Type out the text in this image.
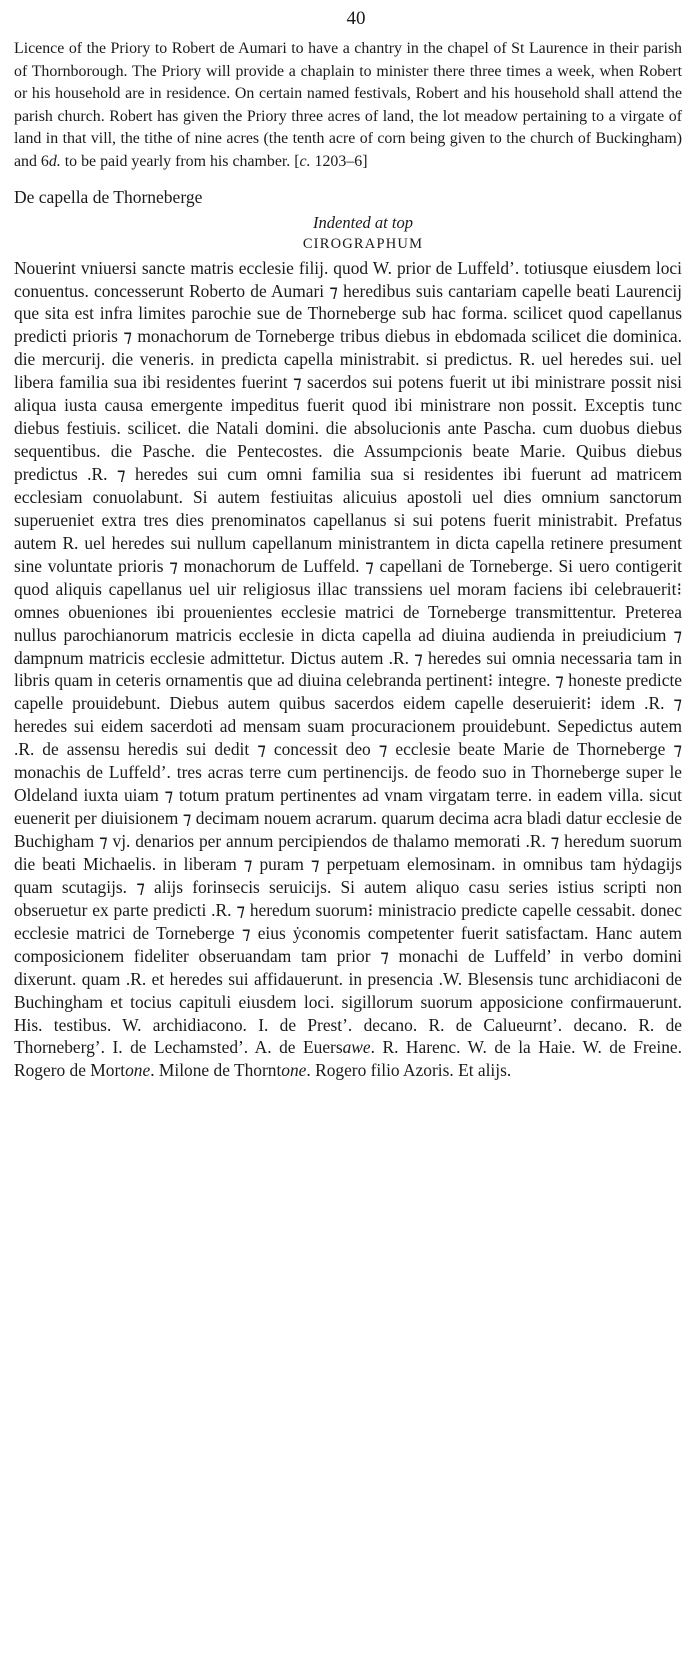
40
Licence of the Priory to Robert de Aumari to have a chantry in the chapel of St Laurence in their parish of Thornborough. The Priory will provide a chaplain to minister there three times a week, when Robert or his household are in residence. On certain named festivals, Robert and his household shall attend the parish church. Robert has given the Priory three acres of land, the lot meadow pertaining to a virgate of land in that vill, the tithe of nine acres (the tenth acre of corn being given to the church of Buckingham) and 6d. to be paid yearly from his chamber. [c. 1203–6]
De capella de Thorneberge
Indented at top
CIROGRAPHUM
Nouerint vniuersi sancte matris ecclesie filij. quod W. prior de Luffeld’. totiusque eiusdem loci conuentus. concesserunt Roberto de Aumari ⁊ heredibus suis cantariam capelle beati Laurencij que sita est infra limites parochie sue de Thorneberge sub hac forma. scilicet quod capellanus predicti prioris ⁊ monachorum de Torneberge tribus diebus in ebdomada scilicet die dominica. die mercurij. die veneris. in predicta capella ministrabit. si predictus. R. uel heredes sui. uel libera familia sua ibi residentes fuerint ⁊ sacerdos sui potens fuerit ut ibi ministrare possit nisi aliqua iusta causa emergente impeditus fuerit quod ibi ministrare non possit. Exceptis tunc diebus festiuis. scilicet. die Natali domini. die absolucionis ante Pascha. cum duobus diebus sequentibus. die Pasche. die Pentecostes. die Assumpcionis beate Marie. Quibus diebus predictus .R. ⁊ heredes sui cum omni familia sua si residentes ibi fuerunt ad matricem ecclesiam conuolabunt. Si autem festiuitas alicuius apostoli uel dies omnium sanctorum superueniet extra tres dies prenominatos capellanus si sui potens fuerit ministrabit. Prefatus autem R. uel heredes sui nullum capellanum ministrantem in dicta capella retinere presument sine voluntate prioris ⁊ monachorum de Luffeld. ⁊ capellani de Torneberge. Si uero contigerit quod aliquis capellanus uel uir religiosus illac transsiens uel moram faciens ibi celebrauerit⁝ omnes obueniones ibi prouenientes ecclesie matrici de Torneberge transmittentur. Preterea nullus parochianorum matricis ecclesie in dicta capella ad diuina audienda in preiudicium ⁊ dampnum matricis ecclesie admittetur. Dictus autem .R. ⁊ heredes sui omnia necessaria tam in libris quam in ceteris ornamentis que ad diuina celebranda pertinent⁝ integre. ⁊ honeste predicte capelle prouidebunt. Diebus autem quibus sacerdos eidem capelle deseruierit⁝ idem .R. ⁊ heredes sui eidem sacerdoti ad mensam suam procuracionem prouidebunt. Sepedictus autem .R. de assensu heredis sui dedit ⁊ concessit deo ⁊ ecclesie beate Marie de Thorneberge ⁊ monachis de Luffeld’. tres acras terre cum pertinencijs. de feodo suo in Thorneberge super le Oldeland iuxta uiam ⁊ totum pratum pertinentes ad vnam virgatam terre. in eadem villa. sicut euenerit per diuisionem ⁊ decimam nouem acrarum. quarum decima acra bladi datur ecclesie de Buchigham ⁊ vj. denarios per annum percipiendos de thalamo memorati .R. ⁊ heredum suorum die beati Michaelis. in liberam ⁊ puram ⁊ perpetuam elemosinam. in omnibus tam hẏdagijs quam scutagijs. ⁊ alijs forinsecis seruicijs. Si autem aliquo casu series istius scripti non obseruetur ex parte predicti .R. ⁊ heredum suorum⁝ ministracio predicte capelle cessabit. donec ecclesie matrici de Torneberge ⁊ eius ẏconomis competenter fuerit satisfactam. Hanc autem composicionem fideliter obseruandam tam prior ⁊ monachi de Luffeld’ in verbo domini dixerunt. quam .R. et heredes sui affidauerunt. in presencia .W. Blesensis tunc archidiaconi de Buchingham et tocius capituli eiusdem loci. sigillorum suorum apposicione confirmauerunt. His. testibus. W. archidiacono. I. de Prest’. decano. R. de Calueurnt’. decano. R. de Thorneberg’. I. de Lechamsted’. A. de Euersawe. R. Harenc. W. de la Haie. W. de Freine. Rogero de Mortone. Milone de Thorntone. Rogero filio Azoris. Et alijs.
